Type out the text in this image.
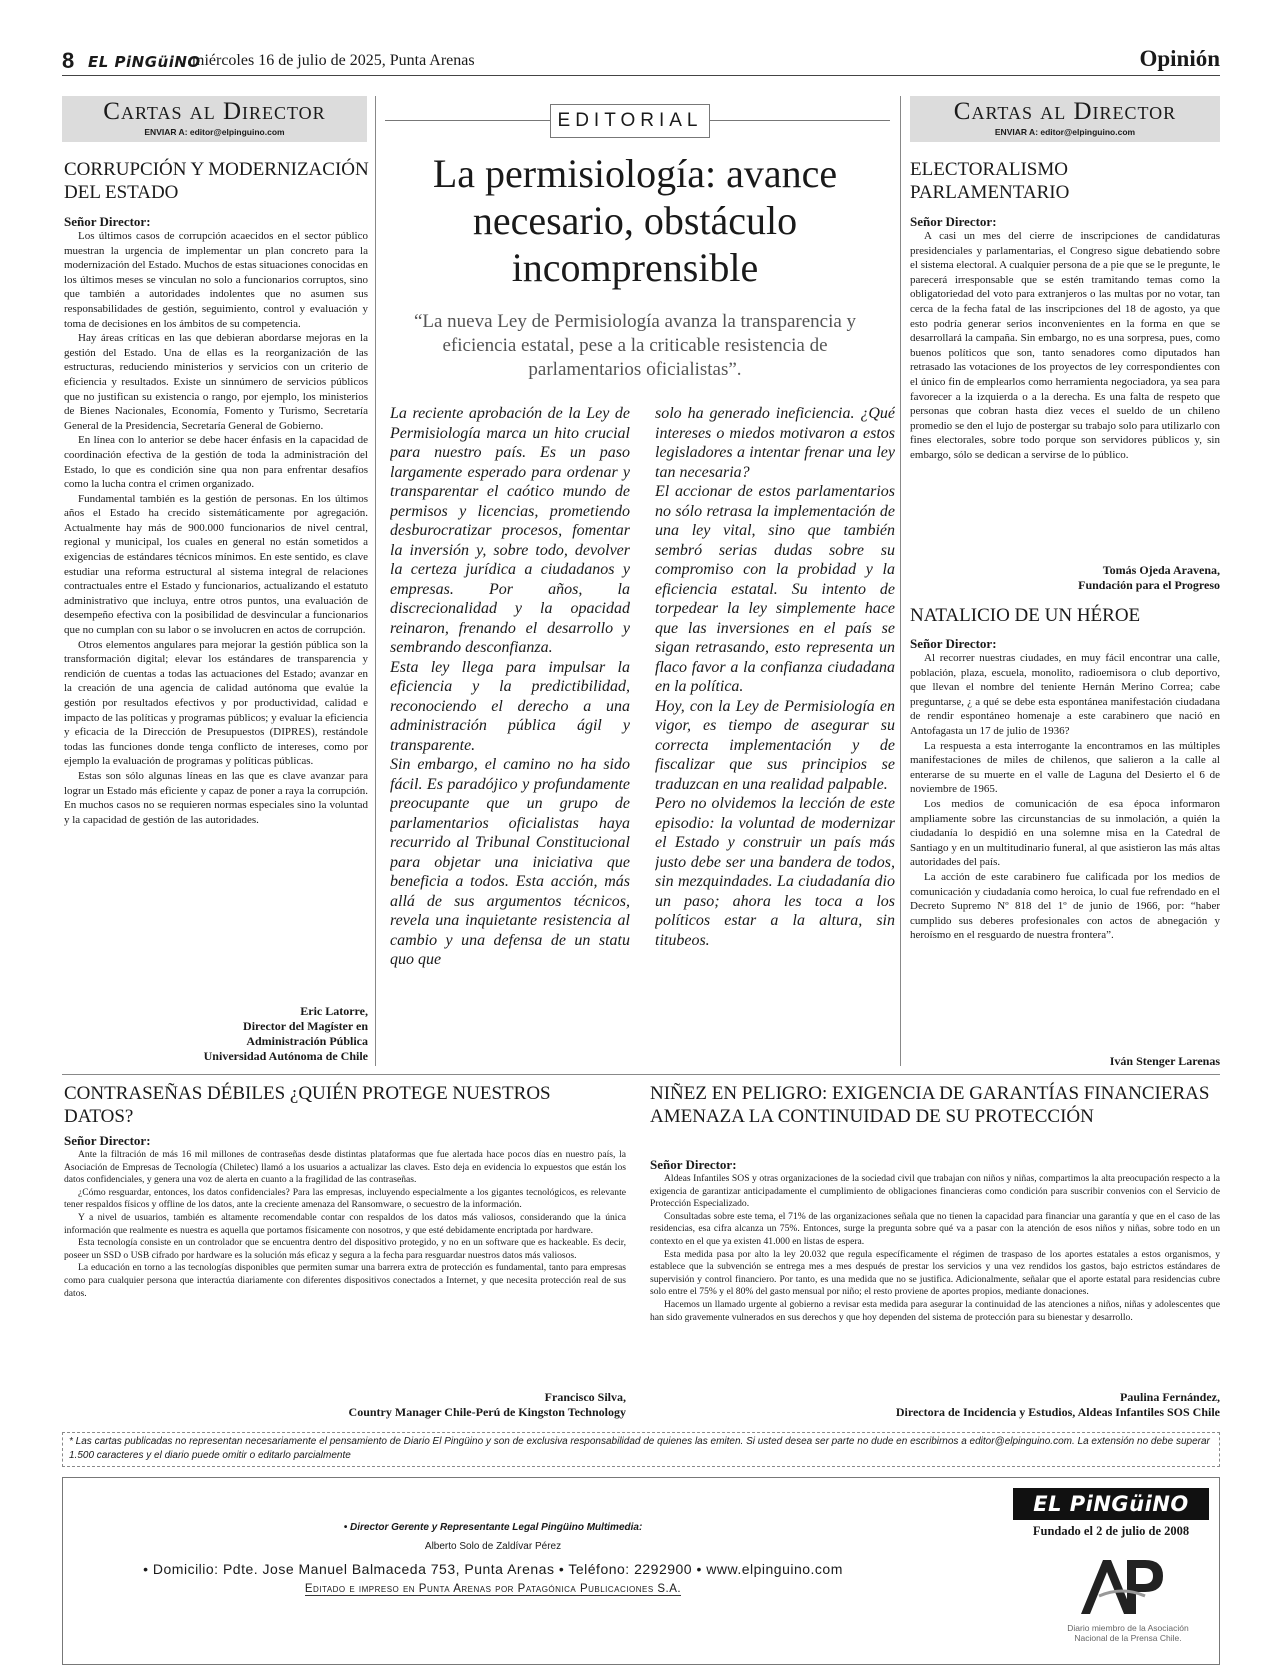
8 EL PiNGüiNO
miércoles 16 de julio de 2025, Punta Arenas	Opinión
Cartas al Director
ENVIAR A: editor@elpinguino.com
Cartas al Director
ENVIAR A: editor@elpinguino.com
CORRUPCIÓN Y MODERNIZACIÓN DEL ESTADO
Señor Director:

Los últimos casos de corrupción acaecidos en el sector público muestran la urgencia de implementar un plan concreto para la modernización del Estado. Muchos de estas situaciones conocidas en los últimos meses se vinculan no solo a funcionarios corruptos, sino que también a autoridades indolentes que no asumen sus responsabilidades de gestión, seguimiento, control y evaluación y toma de decisiones en los ámbitos de su competencia.

Hay áreas críticas en las que debieran abordarse mejoras en la gestión del Estado. Una de ellas es la reorganización de las estructuras, reduciendo ministerios y servicios con un criterio de eficiencia y resultados. Existe un sinnúmero de servicios públicos que no justifican su existencia o rango, por ejemplo, los ministerios de Bienes Nacionales, Economía, Fomento y Turismo, Secretaría General de la Presidencia, Secretaría General de Gobierno.

En línea con lo anterior se debe hacer énfasis en la capacidad de coordinación efectiva de la gestión de toda la administración del Estado, lo que es condición sine qua non para enfrentar desafíos como la lucha contra el crimen organizado.

Fundamental también es la gestión de personas. En los últimos años el Estado ha crecido sistemáticamente por agregación. Actualmente hay más de 900.000 funcionarios de nivel central, regional y municipal, los cuales en general no están sometidos a exigencias de estándares técnicos mínimos. En este sentido, es clave estudiar una reforma estructural al sistema integral de relaciones contractuales entre el Estado y funcionarios, actualizando el estatuto administrativo que incluya, entre otros puntos, una evaluación de desempeño efectiva con la posibilidad de desvincular a funcionarios que no cumplan con su labor o se involucren en actos de corrupción.

Otros elementos angulares para mejorar la gestión pública son la transformación digital; elevar los estándares de transparencia y rendición de cuentas a todas las actuaciones del Estado; avanzar en la creación de una agencia de calidad autónoma que evalúe la gestión por resultados efectivos y por productividad, calidad e impacto de las políticas y programas públicos; y evaluar la eficiencia y eficacia de la Dirección de Presupuestos (DIPRES), restándole todas las funciones donde tenga conflicto de intereses, como por ejemplo la evaluación de programas y políticas públicas.

Estas son sólo algunas líneas en las que es clave avanzar para lograr un Estado más eficiente y capaz de poner a raya la corrupción. En muchos casos no se requieren normas especiales sino la voluntad y la capacidad de gestión de las autoridades.

Eric Latorre,
Director del Magíster en
Administración Pública
Universidad Autónoma de Chile
EDITORIAL
La permisiología: avance necesario, obstáculo incomprensible
“La nueva Ley de Permisiología avanza la transparencia y eficiencia estatal, pese a la criticable resistencia de parlamentarios oficialistas”.

La reciente aprobación de la Ley de Permisiología marca un hito crucial para nuestro país. Es un paso largamente esperado para ordenar y transparentar el caótico mundo de permisos y licencias, prometiendo desburocratizar procesos, fomentar la inversión y, sobre todo, devolver la certeza jurídica a ciudadanos y empresas. Por años, la discrecionalidad y la opacidad reinaron, frenando el desarrollo y sembrando desconfianza.

Esta ley llega para impulsar la eficiencia y la predictibilidad, reconociendo el derecho a una administración pública ágil y transparente.

Sin embargo, el camino no ha sido fácil. Es paradójico y profundamente preocupante que un grupo de parlamentarios oficialistas haya recurrido al Tribunal Constitucional para objetar una iniciativa que beneficia a todos. Esta acción, más allá de sus argumentos técnicos, revela una inquietante resistencia al cambio y una defensa de un statu quo que

solo ha generado ineficiencia. ¿Qué intereses o miedos motivaron a estos legisladores a intentar frenar una ley tan necesaria?

El accionar de estos parlamentarios no sólo retrasa la implementación de una ley vital, sino que también sembró serias dudas sobre su compromiso con la probidad y la eficiencia estatal. Su intento de torpedear la ley simplemente hace que las inversiones en el país se sigan retrasando, esto representa un flaco favor a la confianza ciudadana en la política.

Hoy, con la Ley de Permisiología en vigor, es tiempo de asegurar su correcta implementación y de fiscalizar que sus principios se traduzcan en una realidad palpable.

Pero no olvidemos la lección de este episodio: la voluntad de modernizar el Estado y construir un país más justo debe ser una bandera de todos, sin mezquindades. La ciudadanía dio un paso; ahora les toca a los políticos estar a la altura, sin titubeos.

ELECTORALISMO PARLAMENTARIO
Señor Director:

A casi un mes del cierre de inscripciones de candidaturas presidenciales y parlamentarias, el Congreso sigue debatiendo sobre el sistema electoral. A cualquier persona de a pie que se le pregunte, le parecerá irresponsable que se estén tramitando temas como la obligatoriedad del voto para extranjeros o las multas por no votar, tan cerca de la fecha fatal de las inscripciones del 18 de agosto, ya que esto podría generar serios inconvenientes en la forma en que se desarrollará la campaña. Sin embargo, no es una sorpresa, pues, como buenos políticos que son, tanto senadores como diputados han retrasado las votaciones de los proyectos de ley correspondientes con el único fin de emplearlos como herramienta negociadora, ya sea para favorecer a la izquierda o a la derecha. Es una falta de respeto que personas que cobran hasta diez veces el sueldo de un chileno promedio se den el lujo de postergar su trabajo solo para utilizarlo con fines electorales, sobre todo porque son servidores públicos y, sin embargo, sólo se dedican a servirse de lo público.

Tomás Ojeda Aravena,
Fundación para el Progreso
NATALICIO DE UN HÉROE
Señor Director:

Al recorrer nuestras ciudades, en muy fácil encontrar una calle, población, plaza, escuela, monolito, radioemisora o club deportivo, que llevan el nombre del teniente Hernán Merino Correa; cabe preguntarse, ¿ a qué se debe esta espontánea manifestación ciudadana de rendir espontáneo homenaje a este carabinero que nació en Antofagasta un 17 de julio de 1936?

La respuesta a esta interrogante la encontramos en las múltiples manifestaciones de miles de chilenos, que salieron a la calle al enterarse de su muerte en el valle de Laguna del Desierto el 6 de noviembre de 1965.

Los medios de comunicación de esa época informaron ampliamente sobre las circunstancias de su inmolación, a quién la ciudadanía lo despidió en una solemne misa en la Catedral de Santiago y en un multitudinario funeral, al que asistieron las más altas autoridades del país.

La acción de este carabinero fue calificada por los medios de comunicación y ciudadanía como heroica, lo cual fue refrendado en el Decreto Supremo Nº 818 del 1º de junio de 1966, por: “haber cumplido sus deberes profesionales con actos de abnegación y heroísmo en el resguardo de nuestra frontera”.

Iván Stenger Larenas
CONTRASEÑAS DÉBILES ¿QUIÉN PROTEGE NUESTROS DATOS?
Señor Director:

Ante la filtración de más 16 mil millones de contraseñas desde distintas plataformas que fue alertada hace pocos días en nuestro país, la Asociación de Empresas de Tecnología (Chiletec) llamó a los usuarios a actualizar las claves. Esto deja en evidencia lo expuestos que están los datos confidenciales, y genera una voz de alerta en cuanto a la fragilidad de las contraseñas.

¿Cómo resguardar, entonces, los datos confidenciales? Para las empresas, incluyendo especialmente a los gigantes tecnológicos, es relevante tener respaldos físicos y offline de los datos, ante la creciente amenaza del Ransomware, o secuestro de la información.

Y a nivel de usuarios, también es altamente recomendable contar con respaldos de los datos más valiosos, considerando que la única información que realmente es nuestra es aquella que portamos físicamente con nosotros, y que esté debidamente encriptada por hardware.

Esta tecnología consiste en un controlador que se encuentra dentro del dispositivo protegido, y no en un software que es hackeable. Es decir, poseer un SSD o USB cifrado por hardware es la solución más eficaz y segura a la fecha para resguardar nuestros datos más valiosos.

La educación en torno a las tecnologías disponibles que permiten sumar una barrera extra de protección es fundamental, tanto para empresas como para cualquier persona que interactúa diariamente con diferentes dispositivos conectados a Internet, y que necesita protección real de sus datos.

Francisco Silva,
Country Manager Chile-Perú de Kingston Technology
NIÑEZ EN PELIGRO: EXIGENCIA DE GARANTÍAS FINANCIERAS AMENAZA LA CONTINUIDAD DE SU PROTECCIÓN
Señor Director:

Aldeas Infantiles SOS y otras organizaciones de la sociedad civil que trabajan con niños y niñas, compartimos la alta preocupación respecto a la exigencia de garantizar anticipadamente el cumplimiento de obligaciones financieras como condición para suscribir convenios con el Servicio de Protección Especializado.

Consultadas sobre este tema, el 71% de las organizaciones señala que no tienen la capacidad para financiar una garantía y que en el caso de las residencias, esa cifra alcanza un 75%. Entonces, surge la pregunta sobre qué va a pasar con la atención de esos niños y niñas, sobre todo en un contexto en el que ya existen 41.000 en listas de espera.

Esta medida pasa por alto la ley 20.032 que regula específicamente el régimen de traspaso de los aportes estatales a estos organismos, y establece que la subvención se entrega mes a mes después de prestar los servicios y una vez rendidos los gastos, bajo estrictos estándares de supervisión y control financiero. Por tanto, es una medida que no se justifica. Adicionalmente, señalar que el aporte estatal para residencias cubre solo entre el 75% y el 80% del gasto mensual por niño; el resto proviene de aportes propios, mediante donaciones.

Hacemos un llamado urgente al gobierno a revisar esta medida para asegurar la continuidad de las atenciones a niños, niñas y adolescentes que han sido gravemente vulnerados en sus derechos y que hoy dependen del sistema de protección para su bienestar y desarrollo.

Paulina Fernández,
Directora de Incidencia y Estudios, Aldeas Infantiles SOS Chile
* Las cartas publicadas no representan necesariamente el pensamiento de Diario El Pingüino y son de exclusiva responsabilidad de quienes las emiten. Si usted desea ser parte no dude en escribirnos a editor@elpinguino.com. La extensión no debe superar 1.500 caracteres y el diario puede omitir o editarlo parcialmente
• Director Gerente y Representante Legal Pingüino Multimedia:
Alberto Solo de Zaldívar Pérez
• Domicilio: Pdte. Jose Manuel Balmaceda 753, Punta Arenas • Teléfono: 2292900 • www.elpinguino.com
Editado e impreso en Punta Arenas por Patagónica Publicaciones S.A.
EL PiNGüiNO
Fundado el 2 de julio de 2008
Diario miembro de la Asociación Nacional de la Prensa Chile.
